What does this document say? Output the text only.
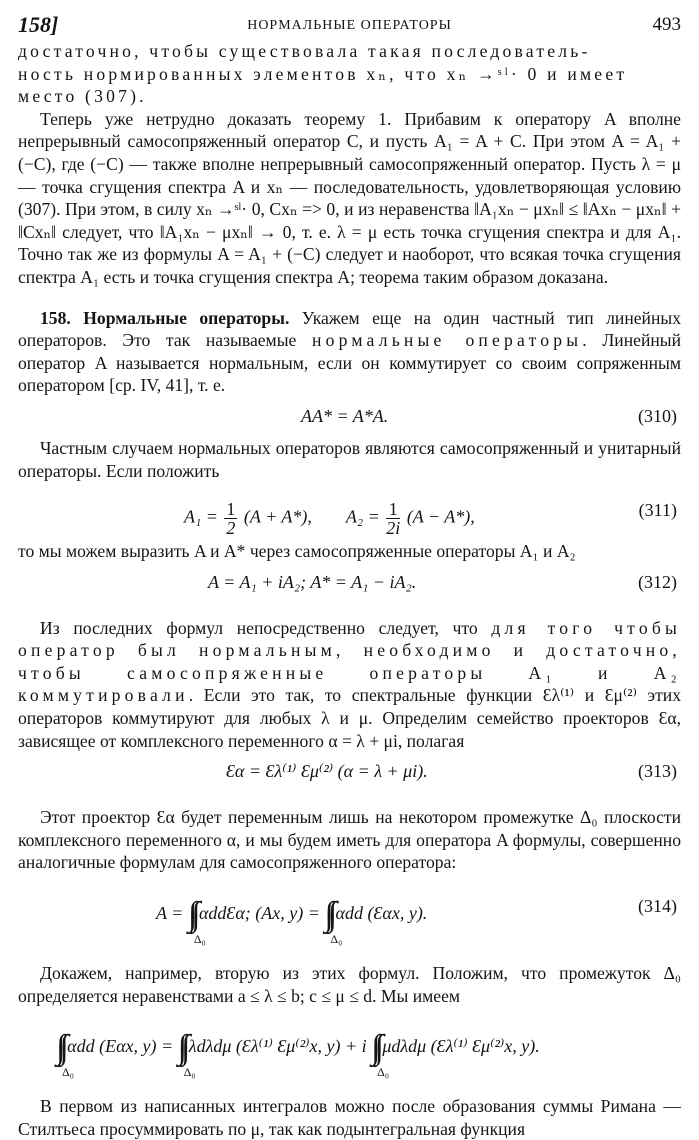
158]	НОРМАЛЬНЫЕ ОПЕРАТОРЫ	493

достаточно, чтобы существовала такая последователь-

ность нормированных элементов xₙ, что xₙ →ˢˡ· 0 и имеет

место (307).

Теперь уже нетрудно доказать теорему 1. Прибавим к оператору A вполне непрерывный самосопряженный оператор C, и пусть A₁ = A + C. При этом A = A₁ + (−C), где (−C) — также вполне непрерывный самосопряженный оператор. Пусть λ = μ — точка сгущения спектра A и xₙ — последовательность, удовлетворяющая условию (307). При этом, в силу xₙ →ˢˡ· 0, Cxₙ => 0, и из неравенства ‖A₁xₙ − μxₙ‖ ≤ ‖Axₙ − μxₙ‖ + ‖Cxₙ‖ следует, что ‖A₁xₙ − μxₙ‖ → 0, т. е. λ = μ есть точка сгущения спектра и для A₁. Точно так же из формулы A = A₁ + (−C) следует и наоборот, что всякая точка сгущения спектра A₁ есть и точка сгущения спектра A; теорема таким образом доказана.

158. Нормальные операторы. Укажем еще на один частный тип линейных операторов. Это так называемые нормальные операторы. Линейный оператор A называется нормальным, если он коммутирует со своим сопряженным оператором [ср. IV, 41], т. е.

AA* = A*A.	(310)

Частным случаем нормальных операторов являются самосопряженный и унитарный операторы. Если положить

$A_1 = \frac{1}{2} (A + A*)$, $A_2 = \frac{1}{2i} (A - A*)$,	(311)

то мы можем выразить A и A* через самосопряженные операторы A₁ и A₂

A = A₁ + iA₂; A* = A₁ − iA₂.	(312)

Из последних формул непосредственно следует, что для того чтобы оператор был нормальным, необходимо и достаточно, чтобы самосопряженные операторы A₁ и A₂ коммутировали. Если это так, то спектральные функции Ɛλ⁽¹⁾ и Ɛμ⁽²⁾ этих операторов коммутируют для любых λ и μ. Определим семейство проекторов Ɛα, зависящее от комплексного переменного α = λ + μi, полагая

Ɛα = Ɛλ⁽¹⁾ Ɛμ⁽²⁾ (α = λ + μi).	(313)

Этот проектор Ɛα будет переменным лишь на некотором промежутке Δ₀ плоскости комплексного переменного α, и мы будем иметь для оператора A формулы, совершенно аналогичные формулам для самосопряженного оператора:

A = ∫∫
Δ₀
αddƐα; (Ax, y) = ∫∫
Δ₀
αdd (Ɛαx, y).	(314)

Докажем, например, вторую из этих формул. Положим, что промежуток Δ₀ определяется неравенствами a ≤ λ ≤ b; c ≤ μ ≤ d. Мы имеем

∫∫
Δ₀
αdd (Eαx, y) = ∫∫
Δ₀
λdλdμ (Ɛλ⁽¹⁾ Ɛμ⁽²⁾x, y) + i ∫∫
Δ₀
μdλdμ (Ɛλ⁽¹⁾ Ɛμ⁽²⁾x, y).

В первом из написанных интегралов можно после образования суммы Римана — Стилтьеса просуммировать по μ, так как подынтегральная функция
